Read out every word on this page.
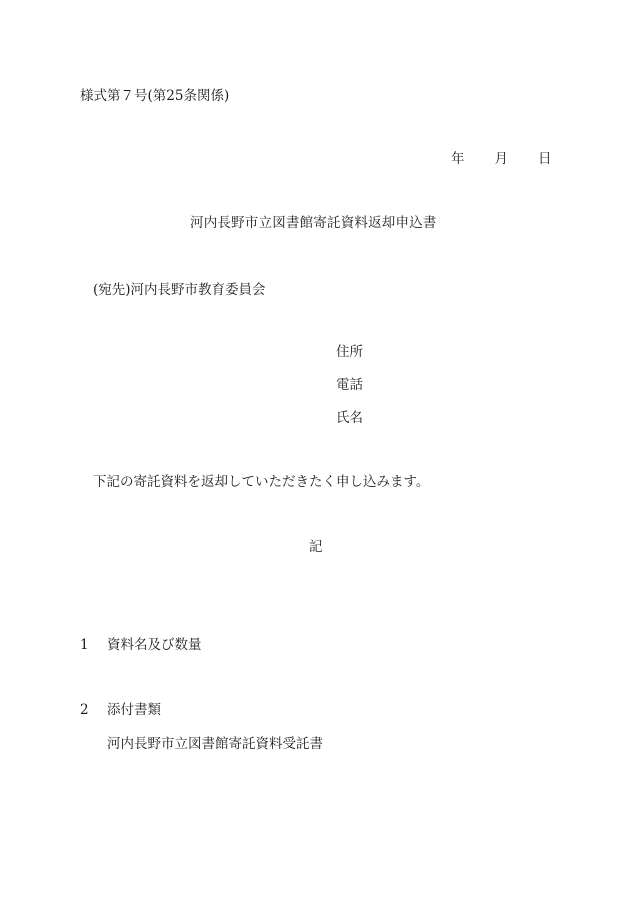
様式第７号(第25条関係)
年 月 日
河内長野市立図書館寄託資料返却申込書
(宛先)河内長野市教育委員会
住所
電話
氏名
下記の寄託資料を返却していただきたく申し込みます。
記
1 資料名及び数量
2 添付書類
河内長野市立図書館寄託資料受託書
